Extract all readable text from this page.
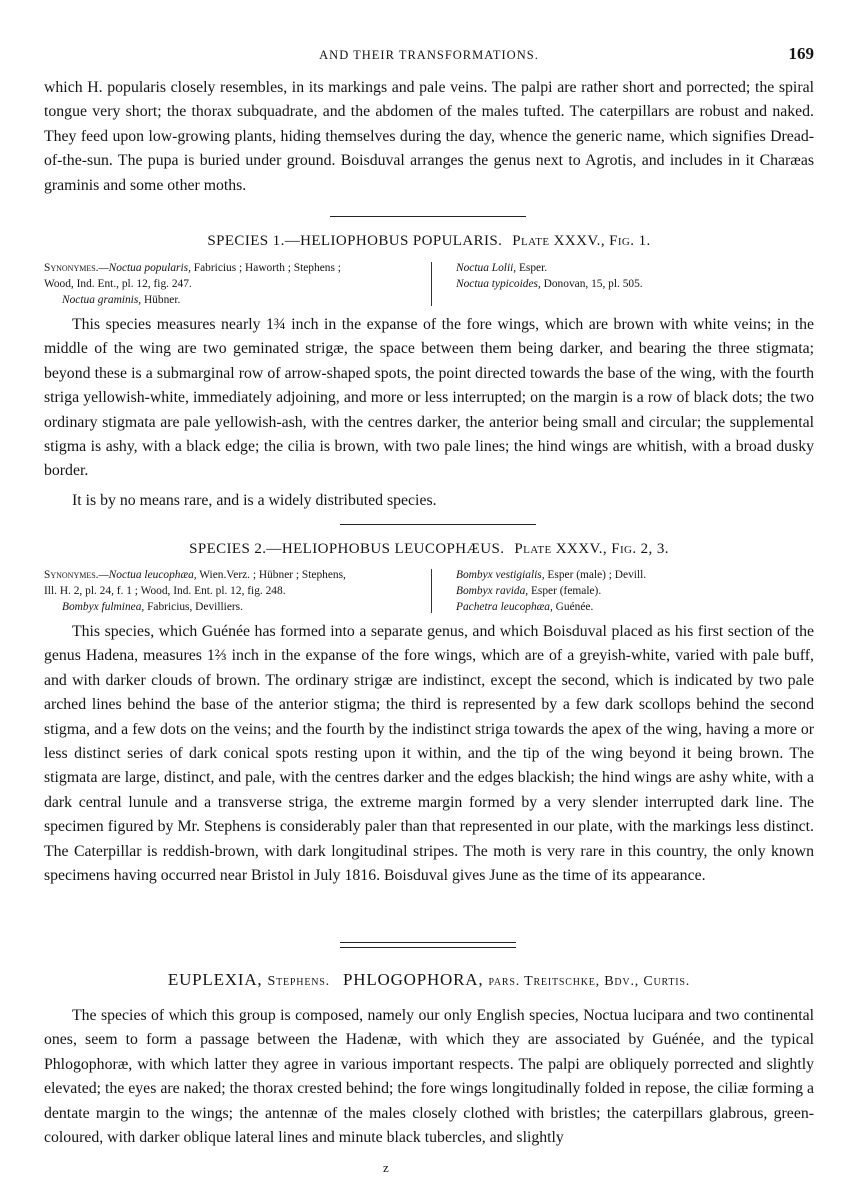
AND THEIR TRANSFORMATIONS.	169

which H. popularis closely resembles, in its markings and pale veins. The palpi are rather short and porrected; the spiral tongue very short; the thorax subquadrate, and the abdomen of the males tufted. The caterpillars are robust and naked. They feed upon low-growing plants, hiding themselves during the day, whence the generic name, which signifies Dread-of-the-sun. The pupa is buried under ground. Boisduval arranges the genus next to Agrotis, and includes in it Charæas graminis and some other moths.

SPECIES 1.—HELIOPHOBUS POPULARIS. Plate XXXV., Fig. 1.
Synonymes.—Noctua popularis, Fabricius ; Haworth ; Stephens ;
Wood, Ind. Ent., pl. 12, fig. 247.
Noctua graminis, Hübner.
Noctua Lolii, Esper.
Noctua typicoides, Donovan, 15, pl. 505.

This species measures nearly 1¾ inch in the expanse of the fore wings, which are brown with white veins; in the middle of the wing are two geminated strigæ, the space between them being darker, and bearing the three stigmata; beyond these is a submarginal row of arrow-shaped spots, the point directed towards the base of the wing, with the fourth striga yellowish-white, immediately adjoining, and more or less interrupted; on the margin is a row of black dots; the two ordinary stigmata are pale yellowish-ash, with the centres darker, the anterior being small and circular; the supplemental stigma is ashy, with a black edge; the cilia is brown, with two pale lines; the hind wings are whitish, with a broad dusky border.

It is by no means rare, and is a widely distributed species.

SPECIES 2.—HELIOPHOBUS LEUCOPHÆUS. Plate XXXV., Fig. 2, 3.
Synonymes.—Noctua leucophæa, Wien.Verz. ; Hübner ; Stephens,
Ill. H. 2, pl. 24, f. 1 ; Wood, Ind. Ent. pl. 12, fig. 248.
Bombyx fulminea, Fabricius, Devilliers.
Bombyx vestigialis, Esper (male) ; Devill.
Bombyx ravida, Esper (female).
Pachetra leucophæa, Guénée.

This species, which Guénée has formed into a separate genus, and which Boisduval placed as his first section of the genus Hadena, measures 1⅔ inch in the expanse of the fore wings, which are of a greyish-white, varied with pale buff, and with darker clouds of brown. The ordinary strigæ are indistinct, except the second, which is indicated by two pale arched lines behind the base of the anterior stigma; the third is represented by a few dark scollops behind the second stigma, and a few dots on the veins; and the fourth by the indistinct striga towards the apex of the wing, having a more or less distinct series of dark conical spots resting upon it within, and the tip of the wing beyond it being brown. The stigmata are large, distinct, and pale, with the centres darker and the edges blackish; the hind wings are ashy white, with a dark central lunule and a transverse striga, the extreme margin formed by a very slender interrupted dark line. The specimen figured by Mr. Stephens is considerably paler than that represented in our plate, with the markings less distinct. The Caterpillar is reddish-brown, with dark longitudinal stripes. The moth is very rare in this country, the only known specimens having occurred near Bristol in July 1816. Boisduval gives June as the time of its appearance.

EUPLEXIA, Stephens. PHLOGOPHORA, pars. Treitschke, Bdv., Curtis.

The species of which this group is composed, namely our only English species, Noctua lucipara and two continental ones, seem to form a passage between the Hadenæ, with which they are associated by Guénée, and the typical Phlogophoræ, with which latter they agree in various important respects. The palpi are obliquely porrected and slightly elevated; the eyes are naked; the thorax crested behind; the fore wings longitudinally folded in repose, the ciliæ forming a dentate margin to the wings; the antennæ of the males closely clothed with bristles; the caterpillars glabrous, green-coloured, with darker oblique lateral lines and minute black tubercles, and slightly

z
